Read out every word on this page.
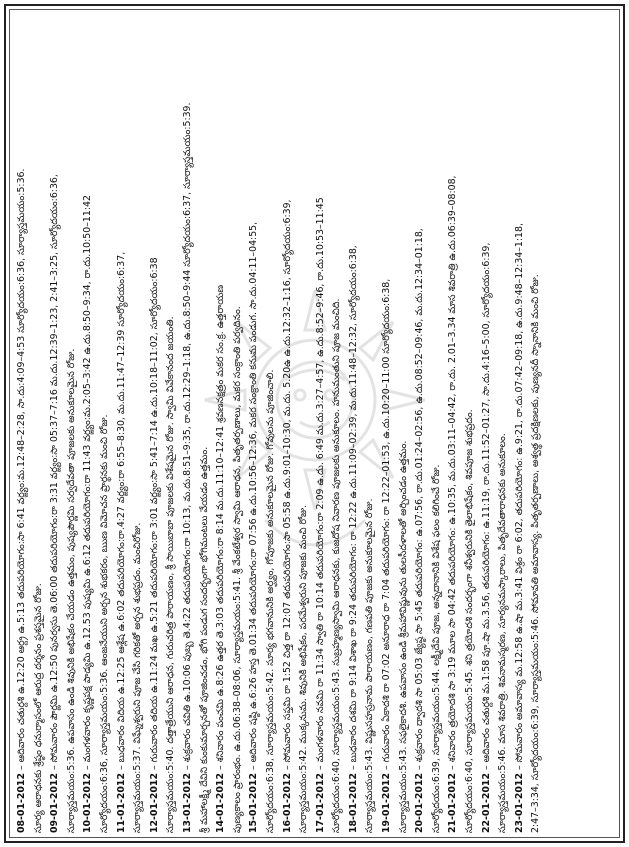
08-01-2012– ఆదివారం చతుర్దశి ఉ.12:20 ఆర్ద్ర ఉ.5:13 తదుపరియోగం:సా 6:41 వర్జ్యం:మ.12:48–2:28, సా.దు:4:09–4:53 సూర్యోదయం:6:36, సూర్యాస్తమయం:5:36. సూర్య ఆరాధనకు శ్రేష్ఠం ధనుర్మాసంలో ఆరుద్ర దర్శనం ప్రశస్తమైన రోజు. 09-01-2012– సోమవారం పౌర్ణమి ఉ.12:50 పునర్వసు తె.06:00 తదుపరియోగం:రా 3:31 వర్జ్యం:సా 05:37–7:16 మ.దు.12:39–1:23, 2:41–3:25, సూర్యోదయం:6:36, సూర్యాస్తమయం:5:36. ఉపవాసం ఉండి శివునికి అభిషేకం చేయడం ఉత్తమం, పుష్యపౌర్ణమి సర్వదేవతా పూజలకు అనుకూలమైన రోజు. 10-01-2012– మంగళవారం కృష్ణపక్ష పాడ్యమి ఉ.12.53 పుష్యమి ఉ.6:12 తదుపరియోగం:రా 11:43 వర్జ్యం:మ.2:05–3:42 ఉ.దు.8:50–9:34, రా.దు.10:50–11:42 సూర్యోదయం:6:36, సూర్యాస్తమయం:5:36. ఆంజనేయుని అర్చన శుభకరం, ఋణ విమోచన ప్రార్థనకు మంచి రోజు. 11-01-2012– బుధవారం విదియ ఉ.12:25 ఆశ్లేష ఉ.6:02 తదుపరియోగం:రా.4:27 వర్జ్యం:రా 6:55–8:30, మ.దు.11:47–12:39 సూర్యోదయం:6:37, సూర్యాస్తమయం:5:37. విఘ్నేశ్వరుని పూజ చేసి గరికతో అర్చన శుభప్రదం. మంచిరోజు. 12-01-2012– గురువారం తదియ ఉ.11:24 మఖ ఉ.5:21 తదుపరియోగం:రా 3:01 వర్జ్యం:సా 5:41–7:14 ఉ.దు.10:18–11:02, సూర్యోదయం:6:38 సూర్యాస్తమయం:5:40. దత్తాత్రేయుని ఆరాధన, గురుచరిత్ర పారాయణం, శ్రీ సాయిబాబా పూజలకు విశేషమైన రోజు. స్వామి వివేకానంద జయంతి. 13-01-2012– శుక్రవారం చవితి ఉ.10:06 పుబ్బ తె.4:22 తదుపరియోగం:రా 10:13, మ.దు.8:51–9:35, రా.దు.12:29–1:18, ఉ.దు.8:50–9:44 సూర్యోదయం:6:37, సూర్యాస్తమయం:5:39. శ్రీ మహాలక్ష్మీ దేవిని కుంకుమార్చనతో పూజించడం, భోగి పండుగ సందర్భంగా భోగిమంటలు వేయడం ఉత్తమం. 14-01-2012– శనివారం పంచమి ఉ.8:26 ఉత్తర తె.3:03 తదుపరియోగం:రా 8:14 మ.దు.11:10–12:41 శ్రవణనక్షత్రం మకర సం.క్ర. ఉత్తరాయణ పుణ్యకాలం ప్రారంభం. ఉ.దు.06:38–08:06, సూర్యాస్తమయం:5:41. శ్రీ వేంకటేశ్వర స్వామి ఆరాధన, పితృతర్పణాలు, మకర సంక్రాంతి పర్వదినం. 15-01-2012– ఆదివారం షష్ఠి ఉ.6:26 హస్త తె.01:34 తదుపరియోగం:రా 07:56 ఉ.దు.10:56–12:36, మకర సంక్రాంతి కనుమ పండుగ. సా.దు.04:11–04:55, సూర్యోదయం:6:38, సూర్యాస్తమయం:5:42. సూర్య భగవానునికి అర్ఘ్యం, గోపూజకు అనుకూలమైన రోజు. గోవులను పూజించాలి. 16-01-2012– సోమవారం సప్తమి రా 1:52 చిత్త రా 12:07 తదుపరియోగం:సా 05:58 ఉ.దు.9:01–10:30, మ.దు. 5.20ఉ ఉ.దు.12:32–1:16, సూర్యోదయం:6:39, సూర్యాస్తమయం:5:42. ముక్కనుమ. శివునికి అభిషేకం, పరమేశ్వరుని పూజకు మంచి రోజు. 17-01-2012– మంగళవారం నవమి రా 11:34 స్వాతి రా 10:14 తదుపరియోగం:రా 2:09 ఉ.దు. 6:49 మ.దు.3:27–4:57, ఉ.దు.8:52–9:46, రా.దు.10:53–11:45 సూర్యోదయం:6:40, సూర్యాస్తమయం:5:43. సుబ్రహ్మణ్యస్వామి ఆరాధనకు, కుజదోష నివారణ పూజలకు అనుకూలం. హనుమంతుని పూజ మంచిది. 18-01-2012– బుధవారం దశమి రా 9:14 విశాఖ రా 9:24 తదుపరియోగం: రా 12:22 ఉ.దు.11:09–02:39, మ.దు.11:48–12:32, సూర్యోదయం:6:38, సూర్యాస్తమయం:5:43. విష్ణుసహస్రనామ పారాయణం, గణపతి పూజకు అనుకూలమైన రోజు. 19-01-2012– గురువారం ఏకాదశి రా 07:02 అనూరాధ రా 7:04 తదుపరియోగం: రా 12:22–01:53, ఉ.దు.10:20–11:00 సూర్యోదయం:6:38, సూర్యాస్తమయం:5:43. సఫలైకాదశి. ఉపవాసం ఉండి శ్రీమహావిష్ణువును తులసీదళాలతో అర్చించడం ఉత్తమం. 20-01-2012– శుక్రవారం ద్వాదశి సా 05:03 జ్యేష్ఠ సా 5:45 తదుపరియోగం: ఉ.07:56, రా.దు.01:24–02:56, ఉ.దు.08:52–09:46, మ.దు.12:34–01:18, సూర్యోదయం:6:39, సూర్యాస్తమయం:5:44. లక్ష్మీదేవి పూజ, అన్నదానానికి విశేష ఫలం కలిగించే రోజు. 21-01-2012– శనివారం త్రయోదశి సా 3:19 మూల సా 04:42 తదుపరియోగం: ఉ.10:35, మ.దు.03:11–04:42, రా.దు. 2.01–3.34 మాస శివరాత్రి ఉ.దు.06:39–08:08, సూర్యోదయం:6:40, సూర్యాస్తమయం:5:45. శని త్రయోదశి సందర్భంగా శనీశ్వరునికి తైలాభిషేకం, శివపూజ శుభప్రదం. 22-01-2012– ఆదివారం చతుర్దశి మ.1:58 పూ.షా మ.3.56, తదుపరియోగం: ఉ.11:19, రా.దు.11:52–01:27, సా.దు.4:16–5:00, సూర్యోదయం:6:39, సూర్యాస్తమయం:5:46. మాస శివరాత్రి. శివనామస్మరణ, సూర్యనమస్కారాలు, పితృదేవతారాధనకు అనుకూలం. 23-01-2012– సోమవారం అమావాస్య మ.12:58 ఉ.షా మ.3:41 విశ్రం రా 6:02, తదుపరియోగం: ఉ.9:21, రా.దు.07:42–09:18, ఉ.దు.9:48–12:34–1:18, 2:47–3:34, సూర్యోదయం:6:39, సూర్యాస్తమయం:5:46. సోమావతి అమావాస్య. పితృతర్పణాలు, అశ్వత్థ ప్రదక్షిణలకు, పుణ్యనదీ స్నానానికి మంచి రోజు.
